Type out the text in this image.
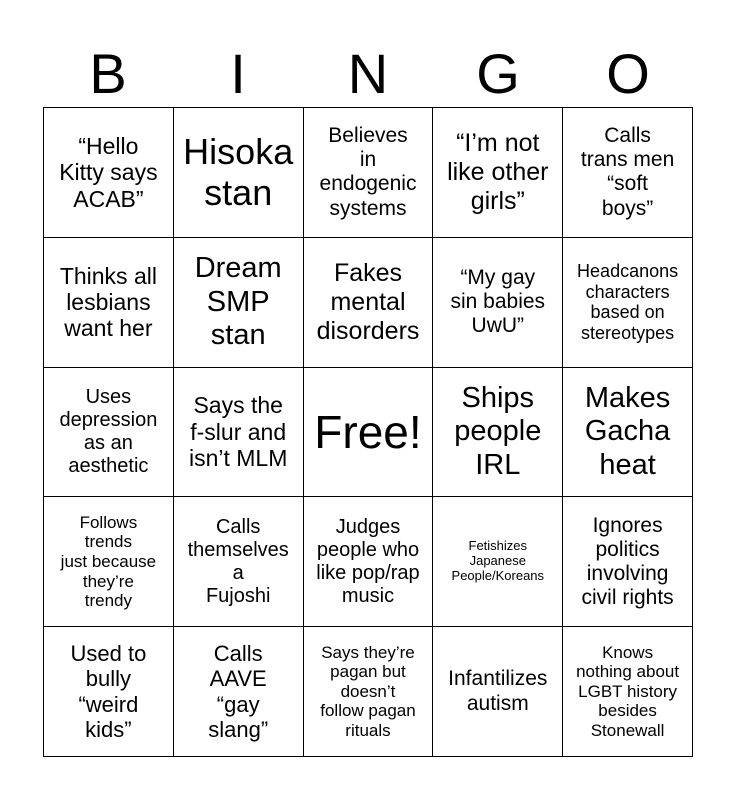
B	I	N	G	O
“Hello
Kitty says
ACAB”
Hisoka
stan
Believes
in
endogenic
systems
“I’m not
like other
girls”
Calls
trans men
“soft
boys”
Thinks all
lesbians
want her
Dream
SMP
stan
Fakes
mental
disorders
“My gay
sin babies
UwU”
Headcanons
characters
based on
stereotypes
Uses
depression
as an
aesthetic
Says the
f-slur and
isn’t MLM
Free!
Ships
people
IRL
Makes
Gacha
heat
Follows
trends
just because
they’re
trendy
Calls
themselves
a
Fujoshi
Judges
people who
like pop/rap
music
Fetishizes
Japanese
People/Koreans
Ignores
politics
involving
civil rights
Used to
bully
“weird
kids”
Calls
AAVE
“gay
slang”
Says they’re
pagan but
doesn’t
follow pagan
rituals
Infantilizes
autism
Knows
nothing about
LGBT history
besides
Stonewall
